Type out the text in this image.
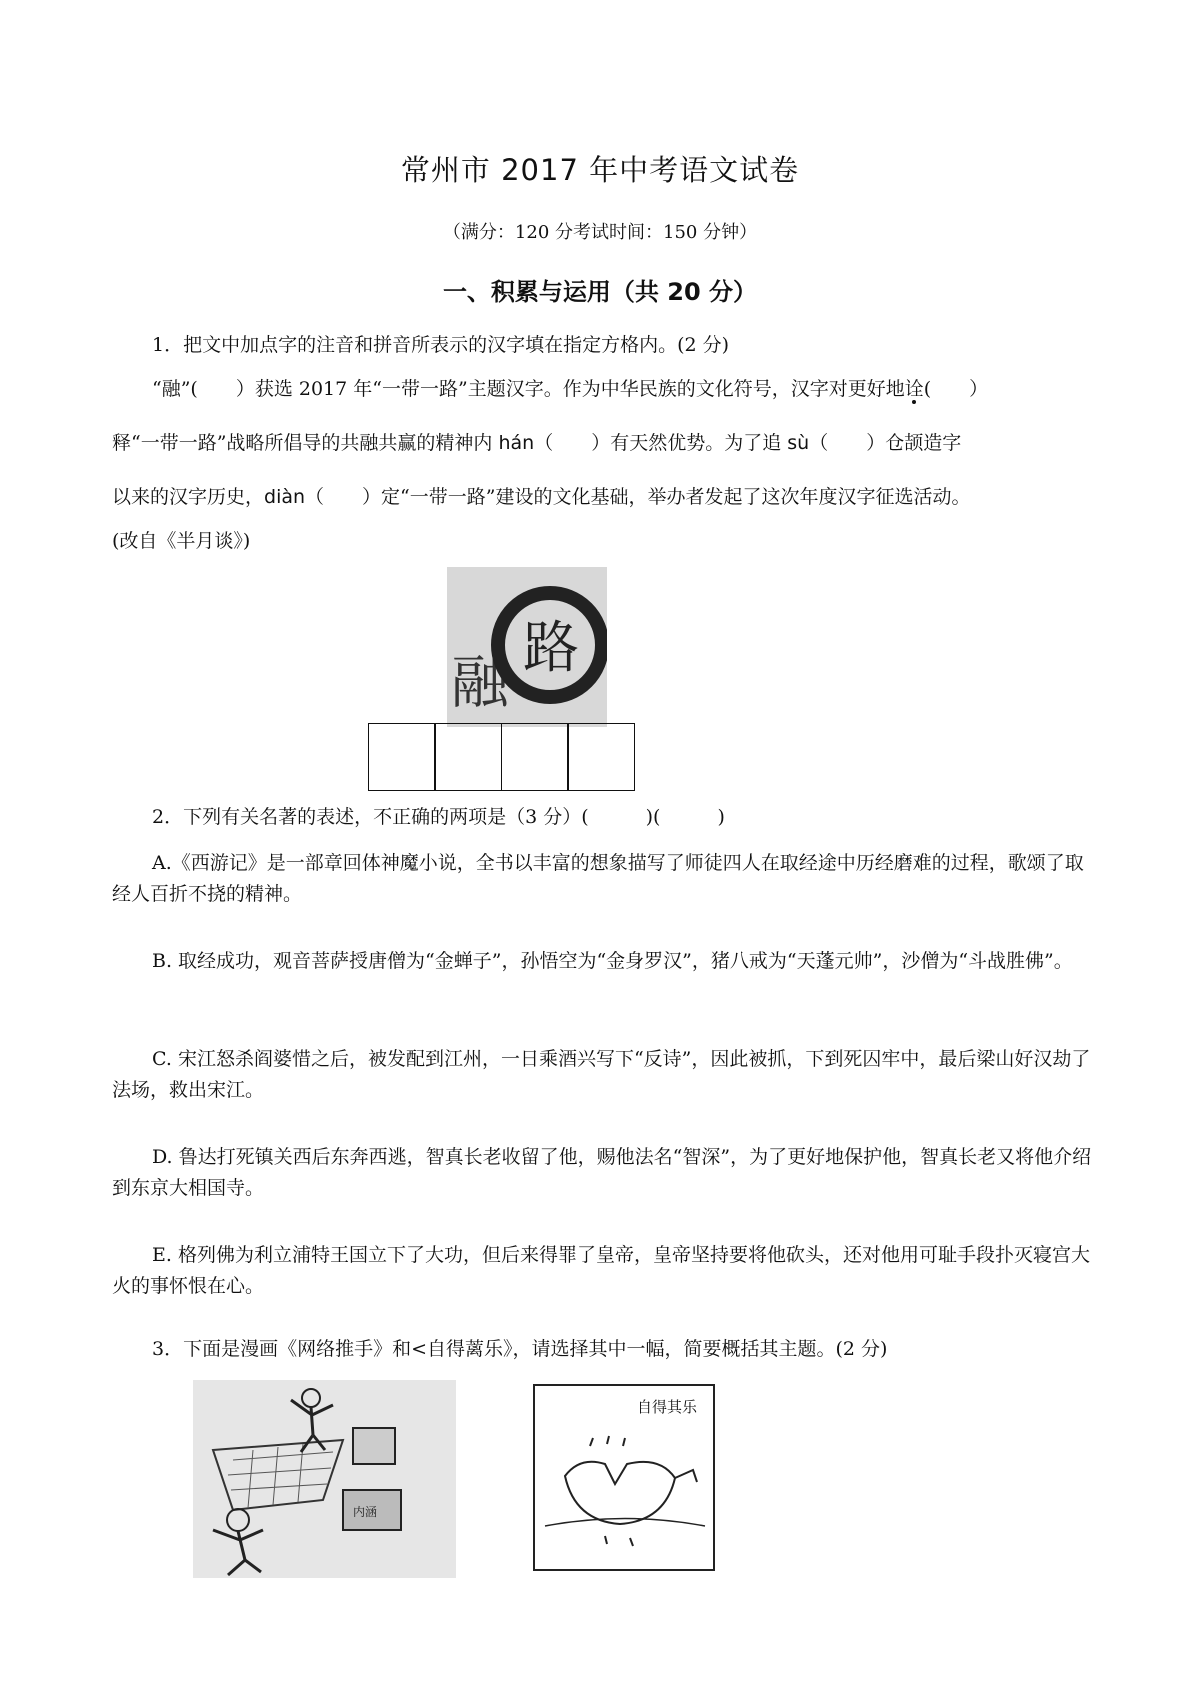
常州市 2017 年中考语文试卷
（满分：120 分考试时间：150 分钟）
一、积累与运用（共 20 分）

1．把文中加点字的注音和拼音所表示的汉字填在指定方格内。(2 分)

“融”(　　）获选 2017 年“一带一路”主题汉字。作为中华民族的文化符号，汉字对更好地诠(　　）

释“一带一路”战略所倡导的共融共赢的精神内 hán（　　）有天然优势。为了追 sù（　　）仓颉造字

以来的汉字历史，diàn（　　）定“一带一路”建设的文化基础，举办者发起了这次年度汉字征选活动。

(改自《半月谈》)

融 路

2．下列有关名著的表述，不正确的两项是（3 分）(　　　)(　　　)

A.《西游记》是一部章回体神魔小说，全书以丰富的想象描写了师徒四人在取经途中历经磨难的过程，歌颂了取经人百折不挠的精神。

B. 取经成功，观音菩萨授唐僧为“金蝉子”，孙悟空为“金身罗汉”，猪八戒为“天蓬元帅”，沙僧为“斗战胜佛”。

C. 宋江怒杀阎婆惜之后，被发配到江州，一日乘酒兴写下“反诗”，因此被抓，下到死囚牢中，最后梁山好汉劫了法场，救出宋江。

D. 鲁达打死镇关西后东奔西逃，智真长老收留了他，赐他法名“智深”，为了更好地保护他，智真长老又将他介绍到东京大相国寺。

E. 格列佛为利立浦特王国立下了大功，但后来得罪了皇帝，皇帝坚持要将他砍头，还对他用可耻手段扑灭寝宫大火的事怀恨在心。

3．下面是漫画《网络推手》和<自得蓠乐》，请选择其中一幅，简要概括其主题。(2 分)

内涵
自得其乐
